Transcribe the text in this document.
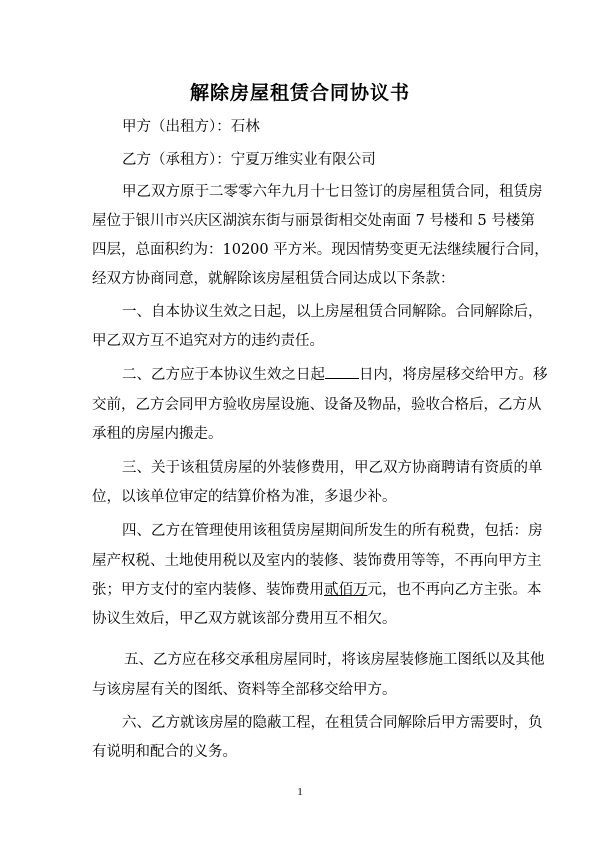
解除房屋租赁合同协议书
甲方（出租方）：石林
乙方（承租方）：宁夏万维实业有限公司
甲乙双方原于二零零六年九月十七日签订的房屋租赁合同，租赁房
屋位于银川市兴庆区湖滨东街与丽景街相交处南面 7 号楼和 5 号楼第
四层，总面积约为：10200 平方米。现因情势变更无法继续履行合同，
经双方协商同意，就解除该房屋租赁合同达成以下条款：
一、自本协议生效之日起，以上房屋租赁合同解除。合同解除后，
甲乙双方互不追究对方的违约责任。
二、乙方应于本协议生效之日起 日内，将房屋移交给甲方。移
交前，乙方会同甲方验收房屋设施、设备及物品，验收合格后，乙方从
承租的房屋内搬走。
三、关于该租赁房屋的外装修费用，甲乙双方协商聘请有资质的单
位，以该单位审定的结算价格为准，多退少补。
四、乙方在管理使用该租赁房屋期间所发生的所有税费，包括：房
屋产权税、土地使用税以及室内的装修、装饰费用等等，不再向甲方主
张；甲方支付的室内装修、装饰费用贰佰万元，也不再向乙方主张。本
协议生效后，甲乙双方就该部分费用互不相欠。
五、乙方应在移交承租房屋同时，将该房屋装修施工图纸以及其他
与该房屋有关的图纸、资料等全部移交给甲方。
六、乙方就该房屋的隐蔽工程，在租赁合同解除后甲方需要时，负
有说明和配合的义务。
1
